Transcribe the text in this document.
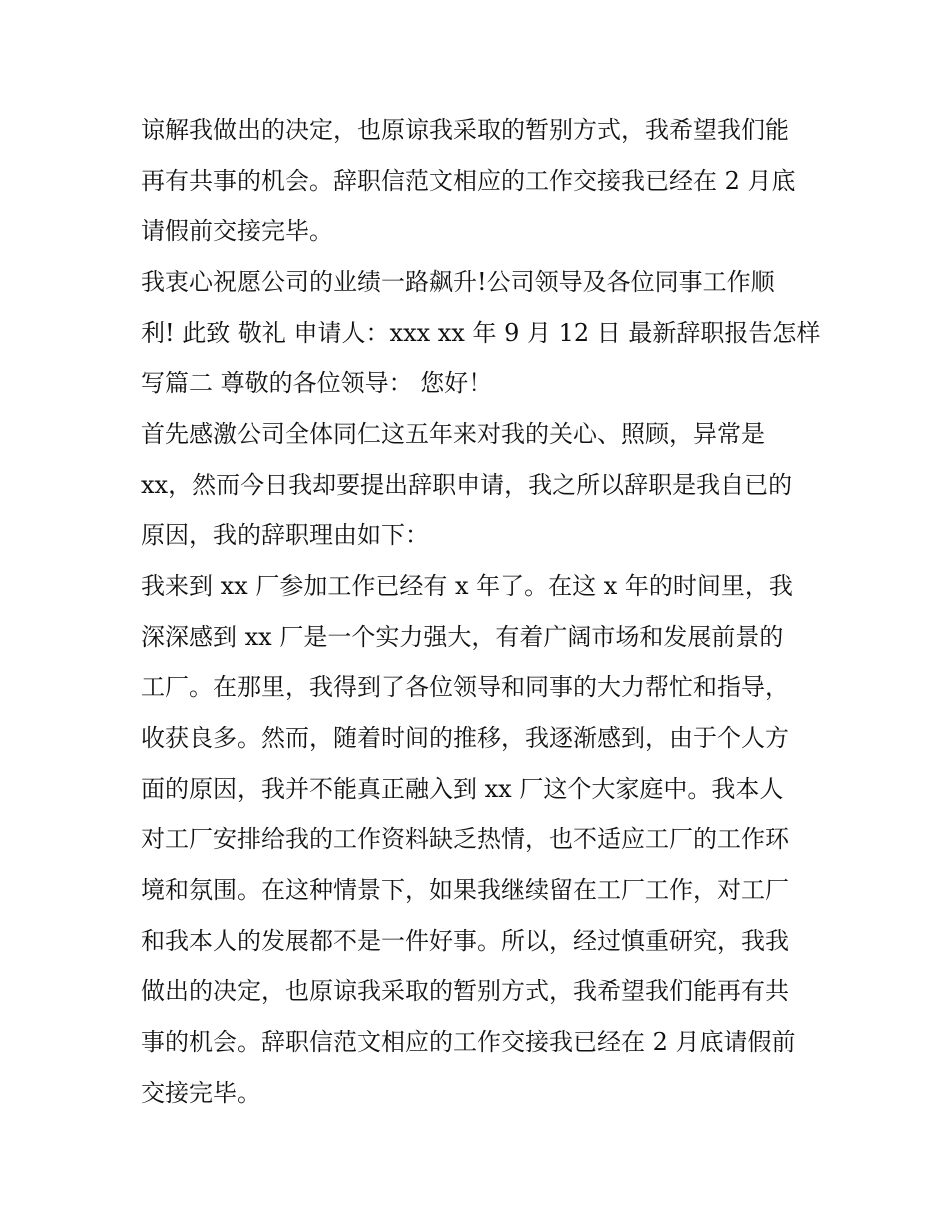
谅解我做出的决定，也原谅我采取的暂别方式，我希望我们能
再有共事的机会。辞职信范文相应的工作交接我已经在 2 月底
请假前交接完毕。
我衷心祝愿公司的业绩一路飙升!公司领导及各位同事工作顺
利! 此致 敬礼 申请人：xxx xx 年 9 月 12 日 最新辞职报告怎样
写篇二 尊敬的各位领导： 您好！
首先感激公司全体同仁这五年来对我的关心、照顾，异常是
xx，然而今日我却要提出辞职申请，我之所以辞职是我自已的
原因，我的辞职理由如下：
我来到 xx 厂参加工作已经有 x 年了。在这 x 年的时间里，我
深深感到 xx 厂是一个实力强大，有着广阔市场和发展前景的
工厂。在那里，我得到了各位领导和同事的大力帮忙和指导，
收获良多。然而，随着时间的推移，我逐渐感到，由于个人方
面的原因，我并不能真正融入到 xx 厂这个大家庭中。我本人
对工厂安排给我的工作资料缺乏热情，也不适应工厂的工作环
境和氛围。在这种情景下，如果我继续留在工厂工作，对工厂
和我本人的发展都不是一件好事。所以，经过慎重研究，我我
做出的决定，也原谅我采取的暂别方式，我希望我们能再有共
事的机会。辞职信范文相应的工作交接我已经在 2 月底请假前
交接完毕。
